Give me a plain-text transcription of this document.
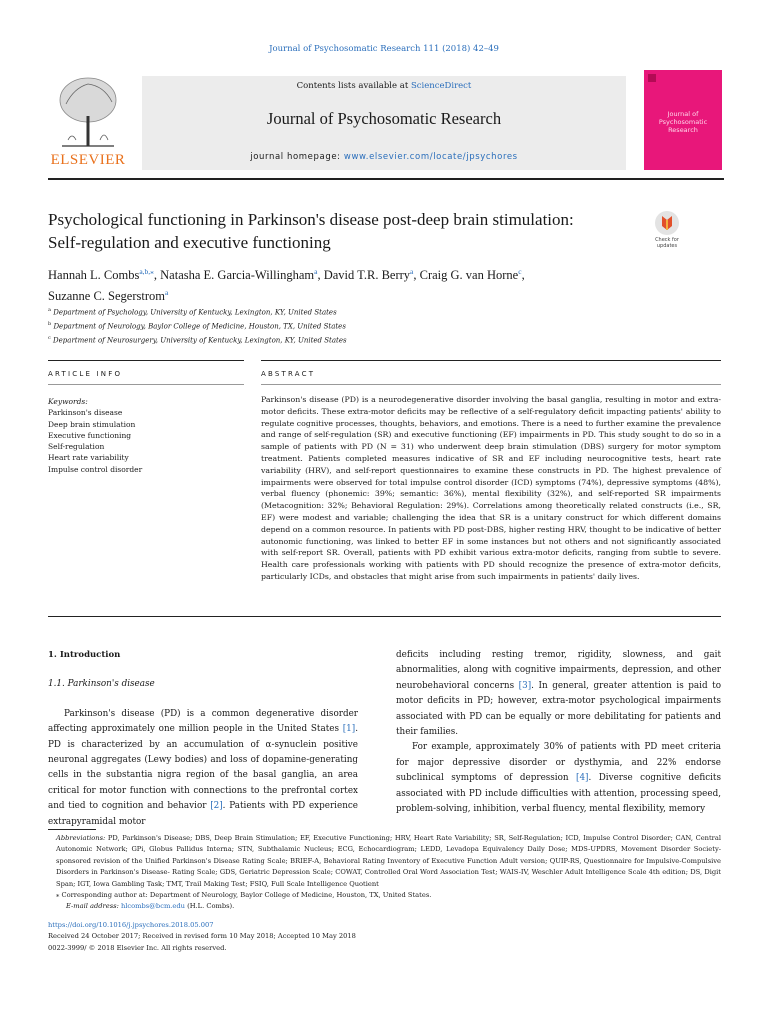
Journal of Psychosomatic Research 111 (2018) 42–49
ELSEVIER
Contents lists available at ScienceDirect
Journal of Psychosomatic Research
journal homepage: www.elsevier.com/locate/jpsychores
Journal of Psychosomatic Research
Psychological functioning in Parkinson's disease post-deep brain stimulation: Self-regulation and executive functioning	Check for updates
Hannah L. Combs$^{a,b,⁎}$, Natasha E. Garcia-Willingham$^a$, David T.R. Berry$^a$, Craig G. van Horne$^c$,
Suzanne C. Segerstrom$^a$
$^a$ Department of Psychology, University of Kentucky, Lexington, KY, United States
$^b$ Department of Neurology, Baylor College of Medicine, Houston, TX, United States
$^c$ Department of Neurosurgery, University of Kentucky, Lexington, KY, United States
ARTICLE INFO	ABSTRACT
Keywords:
Parkinson's disease
Deep brain stimulation
Executive functioning
Self-regulation
Heart rate variability
Impulse control disorder
Parkinson's disease (PD) is a neurodegenerative disorder involving the basal ganglia, resulting in motor and extra-motor deficits. These extra-motor deficits may be reflective of a self-regulatory deficit impacting patients' ability to regulate cognitive processes, thoughts, behaviors, and emotions. There is a need to further examine the prevalence and range of self-regulation (SR) and executive functioning (EF) impairments in PD. This study sought to do so in a sample of patients with PD (N = 31) who underwent deep brain stimulation (DBS) surgery for motor symptom treatment. Patients completed measures indicative of SR and EF including neurocognitive tests, heart rate variability (HRV), and self-report questionnaires to examine these constructs in PD. The highest prevalence of impairments were observed for total impulse control disorder (ICD) symptoms (74%), depressive symptoms (48%), verbal fluency (phonemic: 39%; semantic: 36%), mental flexibility (32%), and self-reported SR impairments (Metacognition: 32%; Behavioral Regulation: 29%). Correlations among theoretically related constructs (i.e., SR, EF) were modest and variable; challenging the idea that SR is a unitary construct for which different domains depend on a common resource. In patients with PD post-DBS, higher resting HRV, thought to be indicative of better autonomic functioning, was linked to better EF in some instances but not others and not significantly associated with self-report SR. Overall, patients with PD exhibit various extra-motor deficits, ranging from subtle to severe. Health care professionals working with patients with PD should recognize the presence of extra-motor deficits, particularly ICDs, and obstacles that might arise from such impairments in patients' daily lives.
1. Introduction
1.1. Parkinson's disease
Parkinson's disease (PD) is a common degenerative disorder affecting approximately one million people in the United States [1]. PD is characterized by an accumulation of α-synuclein positive neuronal aggregates (Lewy bodies) and loss of dopamine-generating cells in the substantia nigra region of the basal ganglia, an area critical for motor function with connections to the prefrontal cortex and tied to cognition and behavior [2]. Patients with PD experience extrapyramidal motor
deficits including resting tremor, rigidity, slowness, and gait abnormalities, along with cognitive impairments, depression, and other neurobehavioral concerns [3]. In general, greater attention is paid to motor deficits in PD; however, extra-motor psychological impairments associated with PD can be equally or more debilitating for patients and their families.
For example, approximately 30% of patients with PD meet criteria for major depressive disorder or dysthymia, and 22% endorse subclinical symptoms of depression [4]. Diverse cognitive deficits associated with PD include difficulties with attention, processing speed, problem-solving, inhibition, verbal fluency, mental flexibility, memory
Abbreviations: PD, Parkinson's Disease; DBS, Deep Brain Stimulation; EF, Executive Functioning; HRV, Heart Rate Variability; SR, Self-Regulation; ICD, Impulse Control Disorder; CAN, Central Autonomic Network; GPi, Globus Pallidus Interna; STN, Subthalamic Nucleus; ECG, Echocardiogram; LEDD, Levadopa Equivalency Daily Dose; MDS-UPDRS, Movement Disorder Society-sponsored revision of the Unified Parkinson's Disease Rating Scale; BRIEF-A, Behavioral Rating Inventory of Executive Function Adult version; QUIP-RS, Questionnaire for Impulsive-Compulsive Disorders in Parkinson's Disease- Rating Scale; GDS, Geriatric Depression Scale; COWAT, Controlled Oral Word Association Test; WAIS-IV, Weschler Adult Intelligence Scale 4th edition; DS, Digit Span; IGT, Iowa Gambling Task; TMT, Trail Making Test; FSIQ, Full Scale Intelligence Quotient
⁎ Corresponding author at: Department of Neurology, Baylor College of Medicine, Houston, TX, United States.
E-mail address: hlcombs@bcm.edu (H.L. Combs).
https://doi.org/10.1016/j.jpsychores.2018.05.007
Received 24 October 2017; Received in revised form 10 May 2018; Accepted 10 May 2018
0022-3999/ © 2018 Elsevier Inc. All rights reserved.
